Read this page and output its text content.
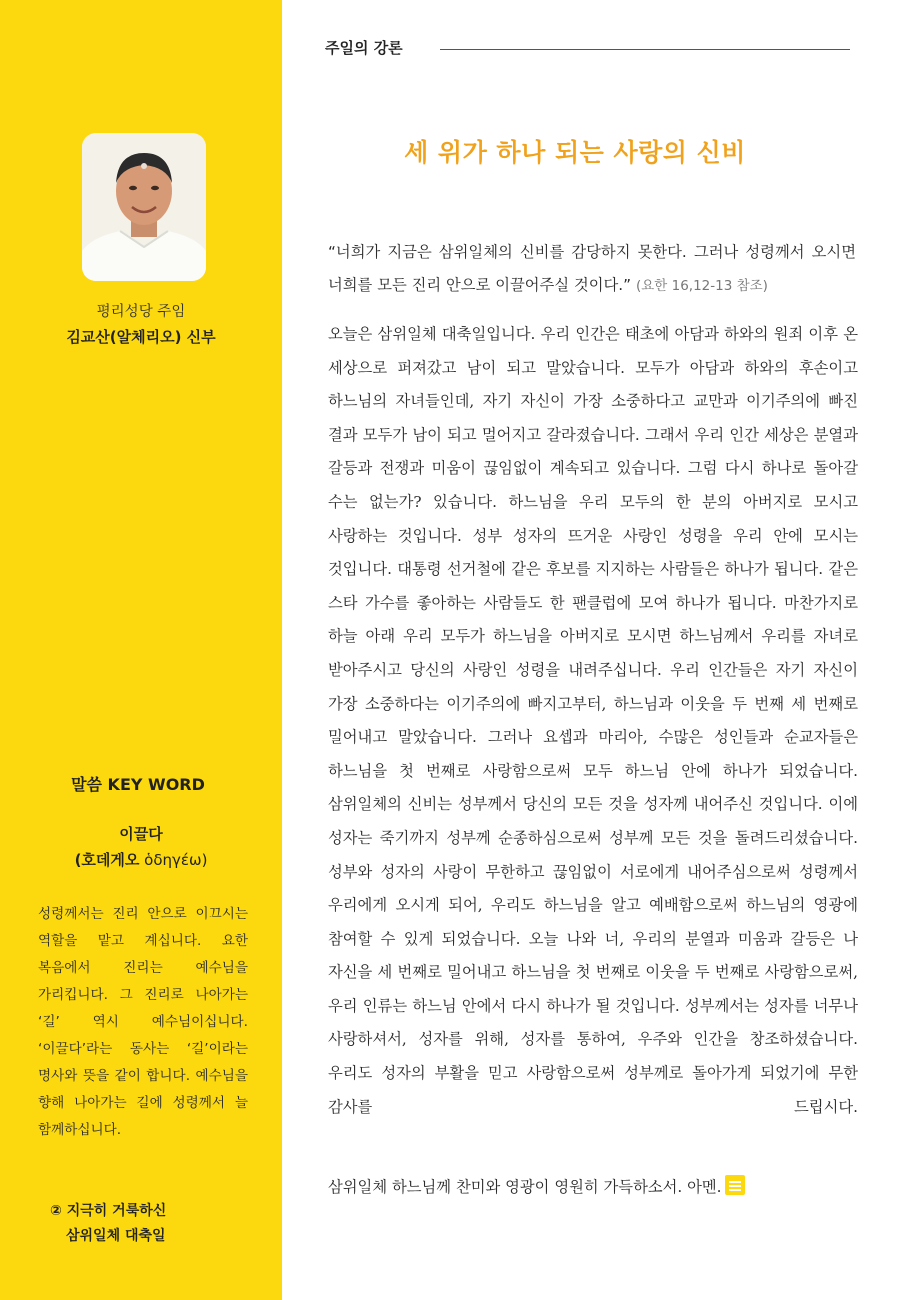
평리성당 주임
김교산(알체리오) 신부
말씀 KEY WORD
이끌다
(호데게오 ὁδηγέω)
성령께서는 진리 안으로 이끄시는 역할을 맡고 계십니다. 요한 복음에서 진리는 예수님을 가리킵니다. 그 진리로 나아가는 ‘길’ 역시 예수님이십니다. ‘이끌다’라는 동사는 ‘길’이라는 명사와 뜻을 같이 합니다. 예수님을 향해 나아가는 길에 성령께서 늘 함께하십니다.
② 지극히 거룩하신
삼위일체 대축일
주일의 강론
세 위가 하나 되는 사랑의 신비

“너희가 지금은 삼위일체의 신비를 감당하지 못한다. 그러나 성령께서 오시면 너희를 모든 진리 안으로 이끌어주실 것이다.” (요한 16,12-13 참조)

오늘은 삼위일체 대축일입니다. 우리 인간은 태초에 아담과 하와의 원죄 이후 온 세상으로 퍼져갔고 남이 되고 말았습니다. 모두가 아담과 하와의 후손이고 하느님의 자녀들인데, 자기 자신이 가장 소중하다고 교만과 이기주의에 빠진 결과 모두가 남이 되고 멀어지고 갈라졌습니다. 그래서 우리 인간 세상은 분열과 갈등과 전쟁과 미움이 끊임없이 계속되고 있습니다. 그럼 다시 하나로 돌아갈 수는 없는가? 있습니다. 하느님을 우리 모두의 한 분의 아버지로 모시고 사랑하는 것입니다. 성부 성자의 뜨거운 사랑인 성령을 우리 안에 모시는 것입니다. 대통령 선거철에 같은 후보를 지지하는 사람들은 하나가 됩니다. 같은 스타 가수를 좋아하는 사람들도 한 팬클럽에 모여 하나가 됩니다. 마찬가지로 하늘 아래 우리 모두가 하느님을 아버지로 모시면 하느님께서 우리를 자녀로 받아주시고 당신의 사랑인 성령을 내려주십니다. 우리 인간들은 자기 자신이 가장 소중하다는 이기주의에 빠지고부터, 하느님과 이웃을 두 번째 세 번째로 밀어내고 말았습니다. 그러나 요셉과 마리아, 수많은 성인들과 순교자들은 하느님을 첫 번째로 사랑함으로써 모두 하느님 안에 하나가 되었습니다. 삼위일체의 신비는 성부께서 당신의 모든 것을 성자께 내어주신 것입니다. 이에 성자는 죽기까지 성부께 순종하심으로써 성부께 모든 것을 돌려드리셨습니다. 성부와 성자의 사랑이 무한하고 끊임없이 서로에게 내어주심으로써 성령께서 우리에게 오시게 되어, 우리도 하느님을 알고 예배함으로써 하느님의 영광에 참여할 수 있게 되었습니다. 오늘 나와 너, 우리의 분열과 미움과 갈등은 나 자신을 세 번째로 밀어내고 하느님을 첫 번째로 이웃을 두 번째로 사랑함으로써, 우리 인류는 하느님 안에서 다시 하나가 될 것입니다. 성부께서는 성자를 너무나 사랑하셔서, 성자를 위해, 성자를 통하여, 우주와 인간을 창조하셨습니다. 우리도 성자의 부활을 믿고 사랑함으로써 성부께로 돌아가게 되었기에 무한 감사를 드립시다.

삼위일체 하느님께 찬미와 영광이 영원히 가득하소서. 아멘.
